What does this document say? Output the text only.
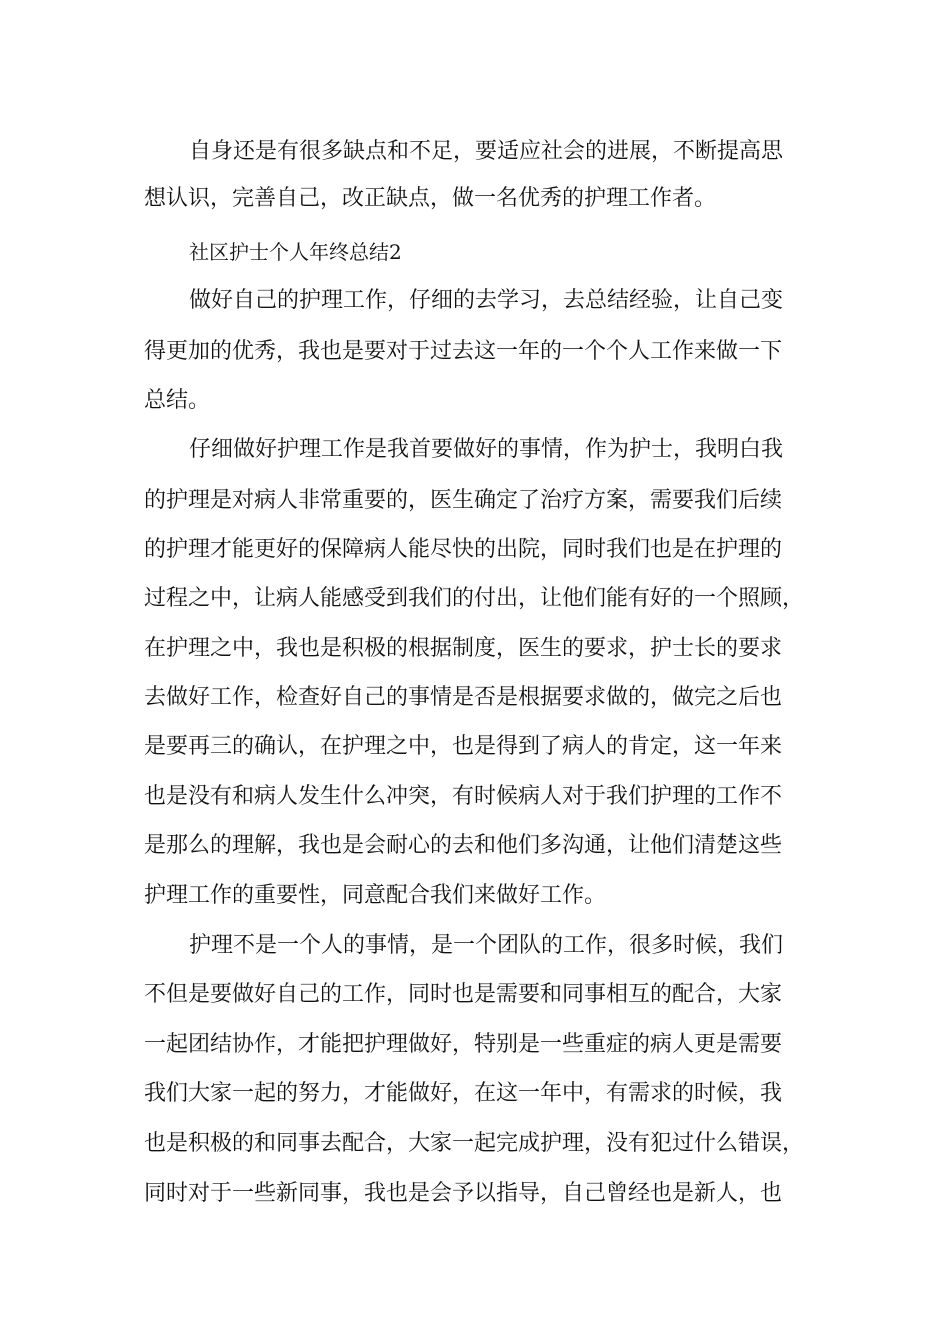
自身还是有很多缺点和不足，要适应社会的进展，不断提高思

想认识，完善自己，改正缺点，做一名优秀的护理工作者。

社区护士个人年终总结2

做好自己的护理工作，仔细的去学习，去总结经验，让自己变

得更加的优秀，我也是要对于过去这一年的一个个人工作来做一下

总结。

仔细做好护理工作是我首要做好的事情，作为护士，我明白我

的护理是对病人非常重要的，医生确定了治疗方案，需要我们后续

的护理才能更好的保障病人能尽快的出院，同时我们也是在护理的

过程之中，让病人能感受到我们的付出，让他们能有好的一个照顾，

在护理之中，我也是积极的根据制度，医生的要求，护士长的要求

去做好工作，检查好自己的事情是否是根据要求做的，做完之后也

是要再三的确认，在护理之中，也是得到了病人的肯定，这一年来

也是没有和病人发生什么冲突，有时候病人对于我们护理的工作不

是那么的理解，我也是会耐心的去和他们多沟通，让他们清楚这些

护理工作的重要性，同意配合我们来做好工作。

护理不是一个人的事情，是一个团队的工作，很多时候，我们

不但是要做好自己的工作，同时也是需要和同事相互的配合，大家

一起团结协作，才能把护理做好，特别是一些重症的病人更是需要

我们大家一起的努力，才能做好，在这一年中，有需求的时候，我

也是积极的和同事去配合，大家一起完成护理，没有犯过什么错误，

同时对于一些新同事，我也是会予以指导，自己曾经也是新人，也
